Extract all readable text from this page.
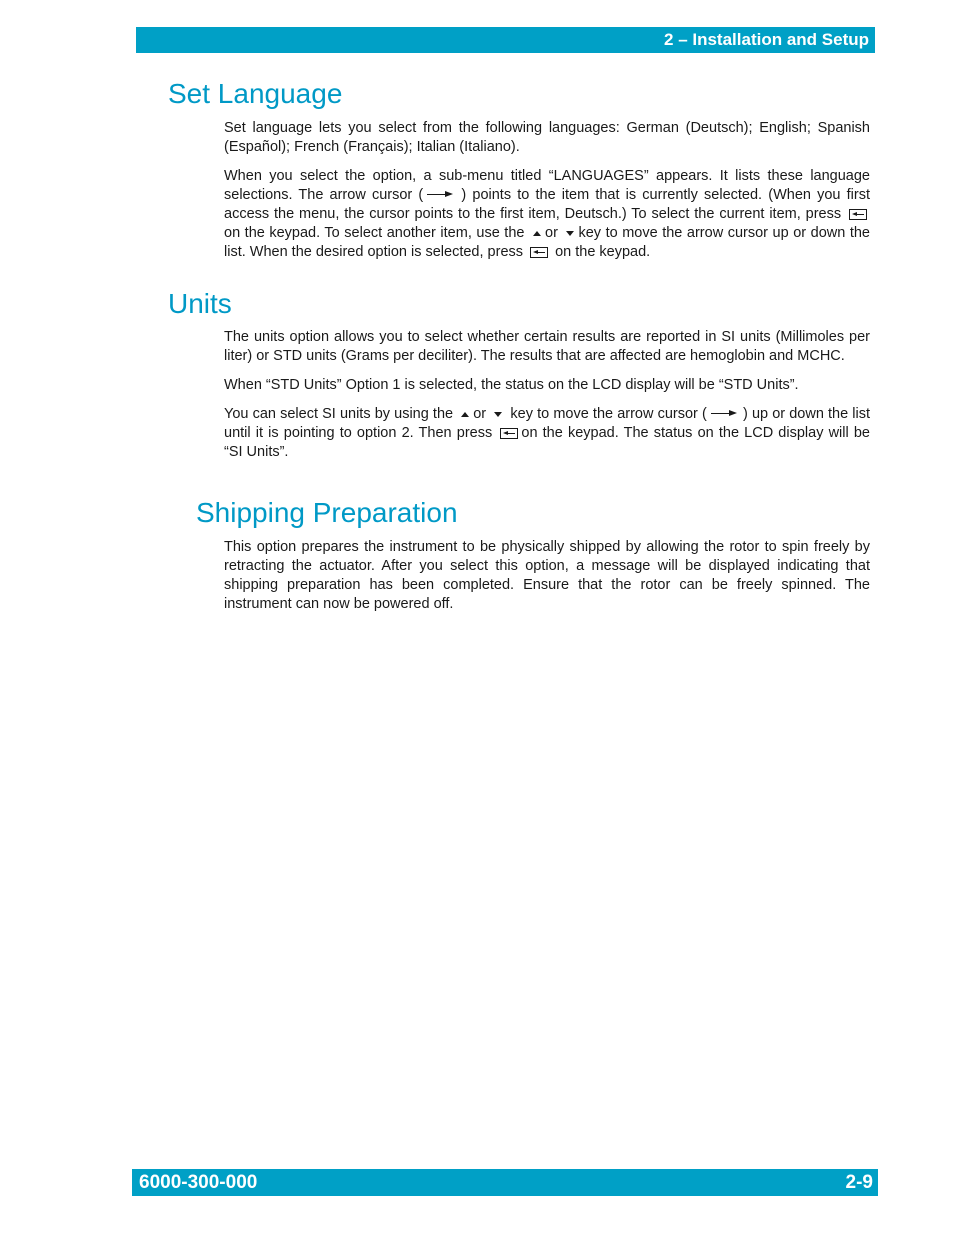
2 – Installation and Setup
Set Language

Set language lets you select from the following languages: German (Deutsch); English; Spanish (Español); French (Français); Italian (Italiano).

When you select the option, a sub-menu titled “LANGUAGES” appears. It lists these language selections. The arrow cursor (	) points to the item that is currently selected. (When you first access the menu, the cursor points to the first item, Deutsch.) To select the current item, press  on the keypad. To select another item, use the or key to move the arrow cursor up or down the list. When the desired option is selected, press on the keypad.

Units

The units option allows you to select whether certain results are reported in SI units (Millimoles per liter) or STD units (Grams per deciliter). The results that are affected are hemoglobin and MCHC.

When “STD Units” Option 1 is selected, the status on the LCD display will be “STD Units”.

You can select SI units by using the or key to move the arrow cursor ( ) up or down the list until it is pointing to option 2. Then press on the keypad. The status on the LCD display will be “SI Units”.

Shipping Preparation

This option prepares the instrument to be physically shipped by allowing the rotor to spin freely by retracting the actuator. After you select this option, a message will be displayed indicating that shipping preparation has been completed. Ensure that the rotor can be freely spinned. The instrument can now be powered off.

6000-300-000	2-9
